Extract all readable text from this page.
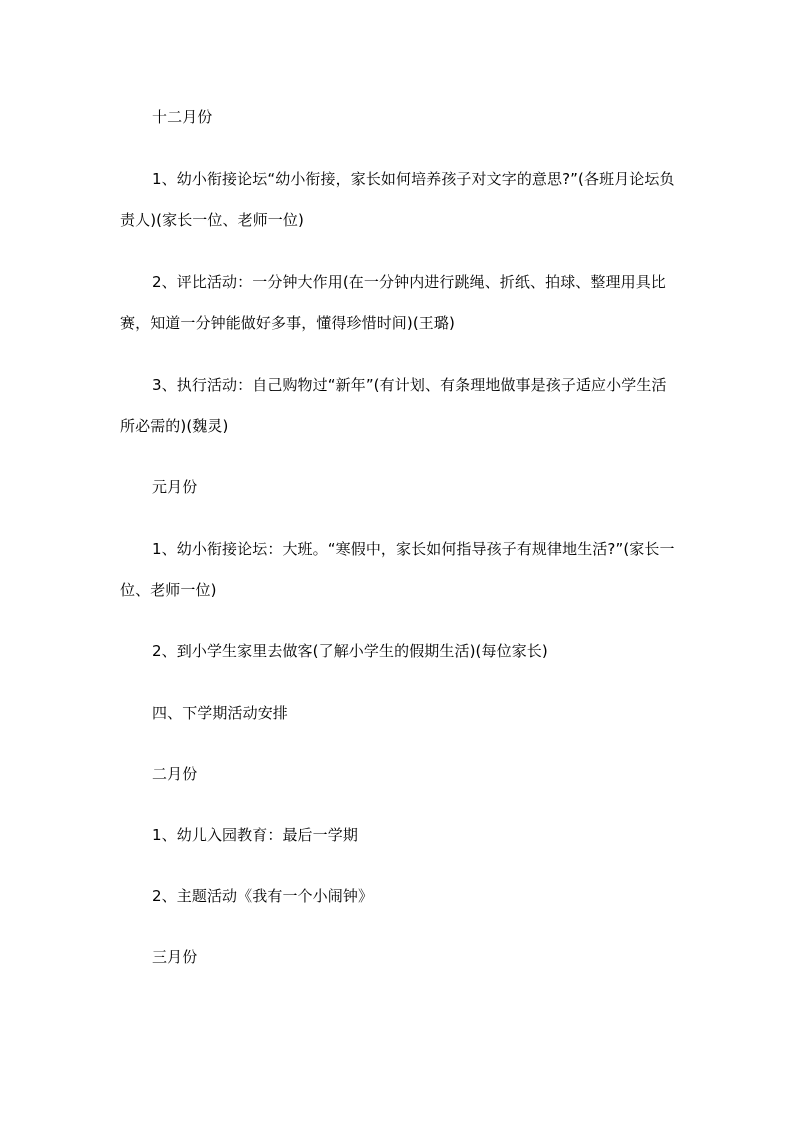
十二月份

1、幼小衔接论坛“幼小衔接，家长如何培养孩子对文字的意思?”(各班月论坛负责人)(家长一位、老师一位)

2、评比活动：一分钟大作用(在一分钟内进行跳绳、折纸、拍球、整理用具比赛，知道一分钟能做好多事，懂得珍惜时间)(王璐)

3、执行活动：自己购物过“新年”(有计划、有条理地做事是孩子适应小学生活所必需的)(魏灵)

元月份

1、幼小衔接论坛：大班。“寒假中，家长如何指导孩子有规律地生活?”(家长一位、老师一位)

2、到小学生家里去做客(了解小学生的假期生活)(每位家长)

四、下学期活动安排

二月份

1、幼儿入园教育：最后一学期

2、主题活动《我有一个小闹钟》

三月份
